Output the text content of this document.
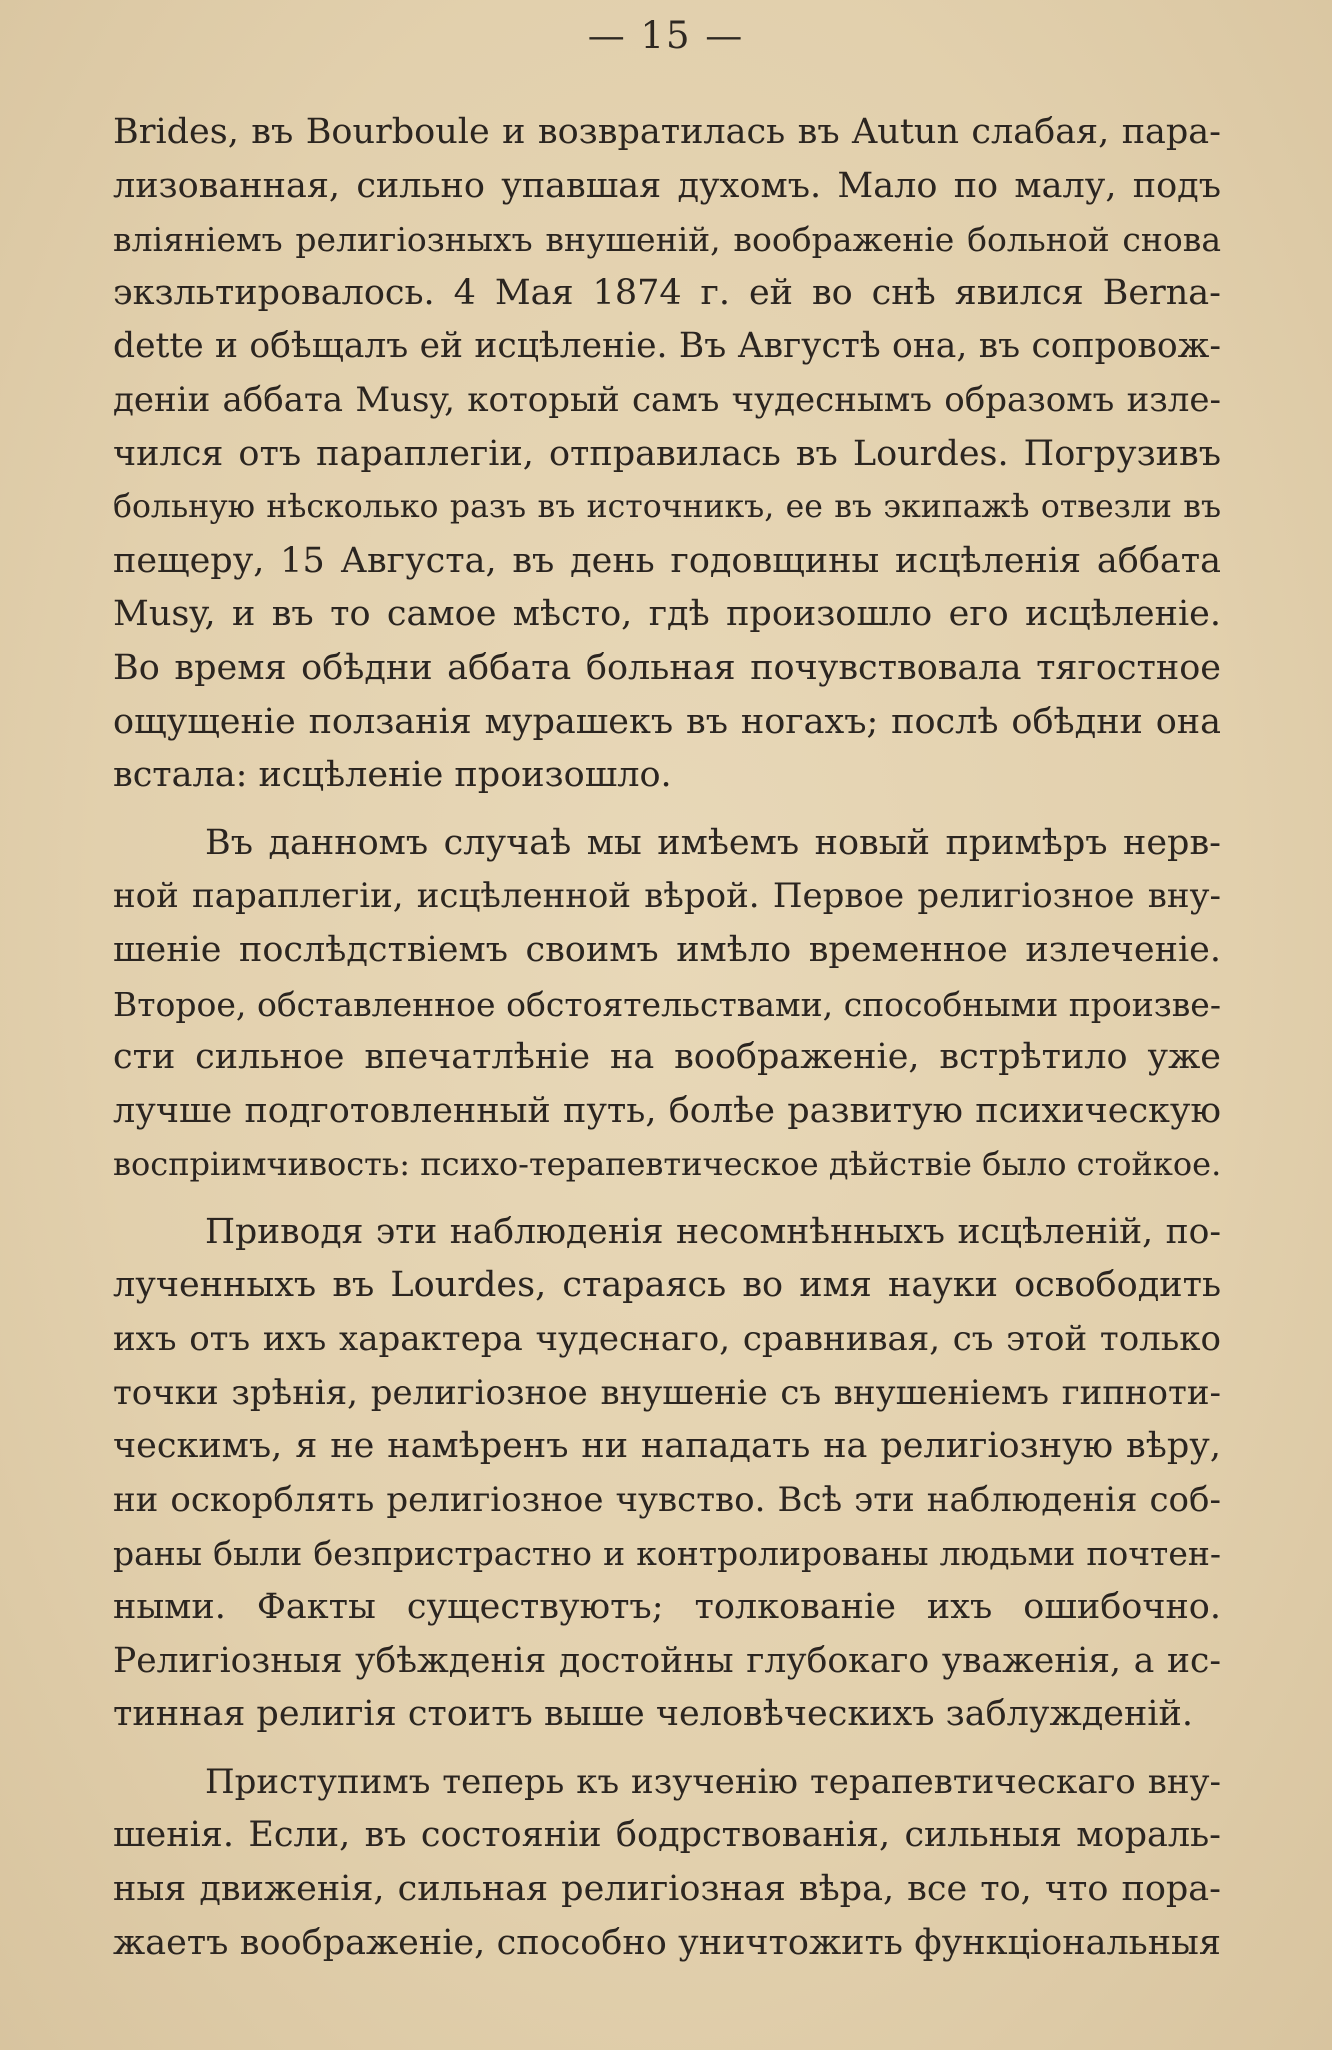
— 15 —

Brides, въ Bourboule и возвратилась въ Autun слабая, пара-
лизованная, сильно упавшая духомъ. Мало по малу, подъ
вліяніемъ религіозныхъ внушеній, воображеніе больной снова
экзльтировалось. 4 Мая 1874 г. ей во снѣ явился Berna-
dette и обѣщалъ ей исцѣленіе. Въ Августѣ она, въ сопровож-
деніи аббата Musy, который самъ чудеснымъ образомъ изле-
чился отъ параплегіи, отправилась въ Lourdes. Погрузивъ
больную нѣсколько разъ въ источникъ, ее въ экипажѣ отвезли въ
пещеру, 15 Августа, въ день годовщины исцѣленія аббата
Musy, и въ то самое мѣсто, гдѣ произошло его исцѣленіе.
Во время обѣдни аббата больная почувствовала тягостное
ощущеніе ползанія мурашекъ въ ногахъ; послѣ обѣдни она
встала: исцѣленіе произошло.

Въ данномъ случаѣ мы имѣемъ новый примѣръ нерв-
ной параплегіи, исцѣленной вѣрой. Первое религіозное вну-
шеніе послѣдствіемъ своимъ имѣло временное излеченіе.
Второе, обставленное обстоятельствами, способными произве-
сти сильное впечатлѣніе на воображеніе, встрѣтило уже
лучше подготовленный путь, болѣе развитую психическую
воспріимчивость: психо-терапевтическое дѣйствіе было стойкое.

Приводя эти наблюденія несомнѣнныхъ исцѣленій, по-
лученныхъ въ Lourdes, стараясь во имя науки освободить
ихъ отъ ихъ характера чудеснаго, сравнивая, съ этой только
точки зрѣнія, религіозное внушеніе съ внушеніемъ гипноти-
ческимъ, я не намѣренъ ни нападать на религіозную вѣру,
ни оскорблять религіозное чувство. Всѣ эти наблюденія соб-
раны были безпристрастно и контролированы людьми почтен-
ными. Факты существуютъ; толкованіе ихъ ошибочно.
Религіозныя убѣжденія достойны глубокаго уваженія, а ис-
тинная религія стоитъ выше человѣческихъ заблужденій.

Приступимъ теперь къ изученію терапевтическаго вну-
шенія. Если, въ состояніи бодрствованія, сильныя мораль-
ныя движенія, сильная религіозная вѣра, все то, что пора-
жаетъ воображеніе, способно уничтожить функціональныя
